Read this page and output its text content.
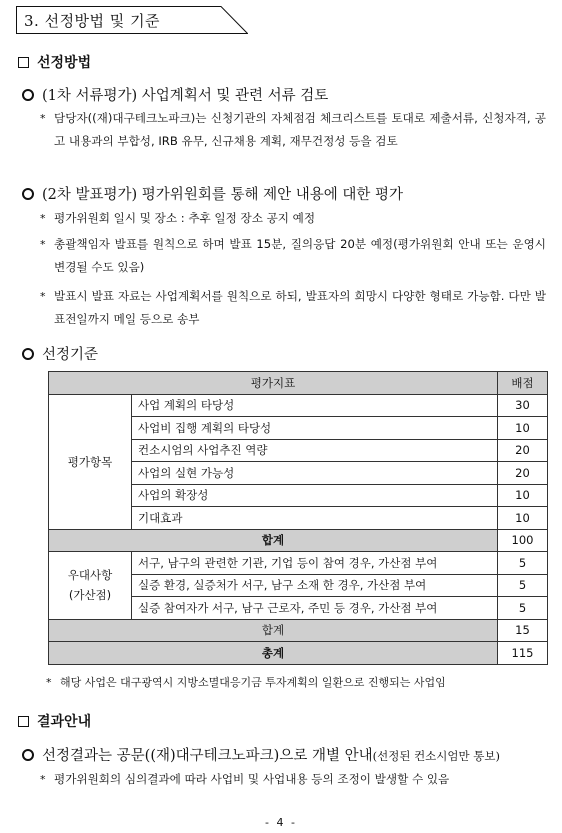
3. 선정방법 및 기준
선정방법
(1차 서류평가) 사업계획서 및 관련 서류 검토
* 담당자((재)대구테크노파크)는 신청기관의 자체점검 체크리스트를 토대로 제출서류, 신청자격, 공고 내용과의 부합성, IRB 유무, 신규채용 계획, 재무건정성 등을 검토
(2차 발표평가) 평가위원회를 통해 제안 내용에 대한 평가
* 평가위원회 일시 및 장소 : 추후 일정 장소 공지 예정
* 총괄책임자 발표를 원칙으로 하며 발표 15분, 질의응답 20분 예정(평가위원회 안내 또는 운영시 변경될 수도 있음)
* 발표시 발표 자료는 사업계획서를 원칙으로 하되, 발표자의 희망시 다양한 형태로 가능함. 다만 발표전일까지 메일 등으로 송부
선정기준
평가지표		배점
평가항목	사업 계획의 타당성	30
	사업비 집행 계획의 타당성	10
	컨소시엄의 사업추진 역량	20
	사업의 실현 가능성	20
	사업의 확장성	10
	기대효과	10
합계		100
우대사항
(가산점)	서구, 남구의 관련한 기관, 기업 등이 참여 경우, 가산점 부여	5
	실증 환경, 실증처가 서구, 남구 소재 한 경우, 가산점 부여	5
	실증 참여자가 서구, 남구 근로자, 주민 등 경우, 가산점 부여	5
합계		15
총계		115
* 해당 사업은 대구광역시 지방소멸대응기금 투자계획의 일환으로 진행되는 사업임
결과안내
선정결과는 공문((재)대구테크노파크)으로 개별 안내(선정된 컨소시엄만 통보)
* 평가위원회의 심의결과에 따라 사업비 및 사업내용 등의 조정이 발생할 수 있음
- 4 -
